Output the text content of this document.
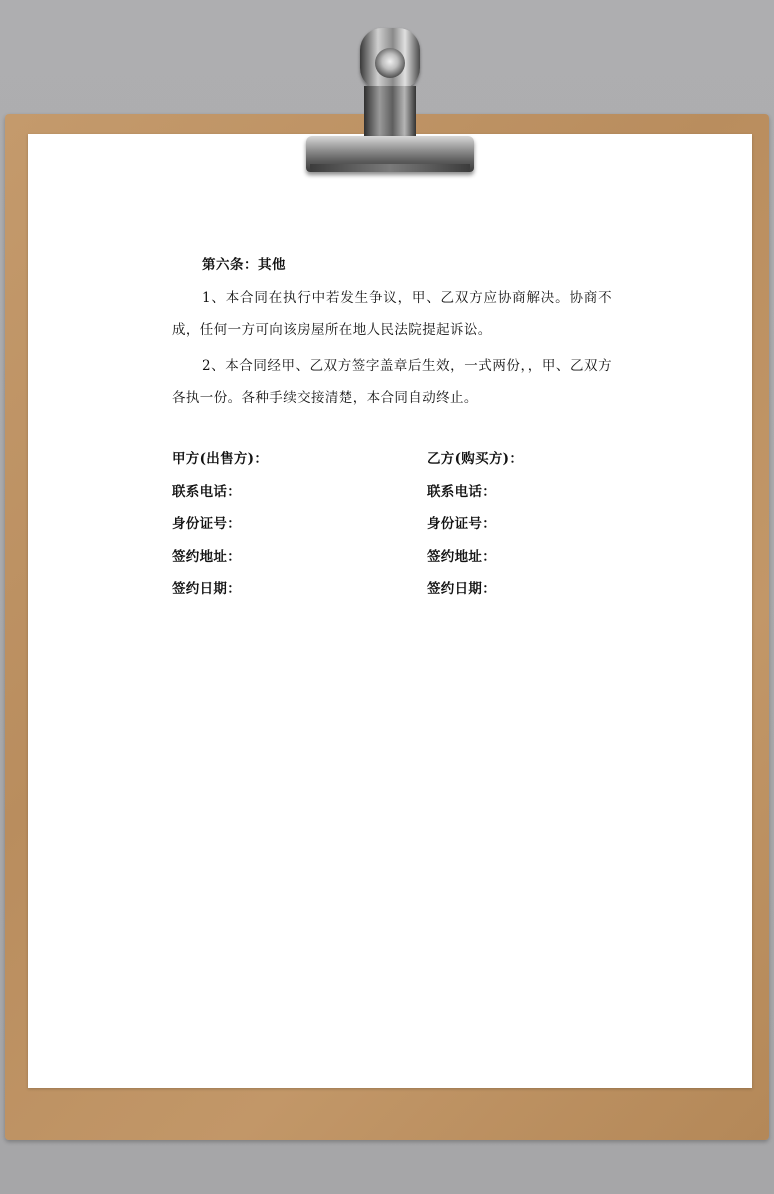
第六条：其他

1、本合同在执行中若发生争议，甲、乙双方应协商解决。协商不成，任何一方可向该房屋所在地人民法院提起诉讼。

2、本合同经甲、乙双方签字盖章后生效，一式两份，，甲、乙双方各执一份。各种手续交接清楚，本合同自动终止。

甲方(出售方)：	乙方(购买方)：
联系电话：	联系电话：
身份证号：	身份证号：
签约地址：	签约地址：
签约日期：	签约日期：
